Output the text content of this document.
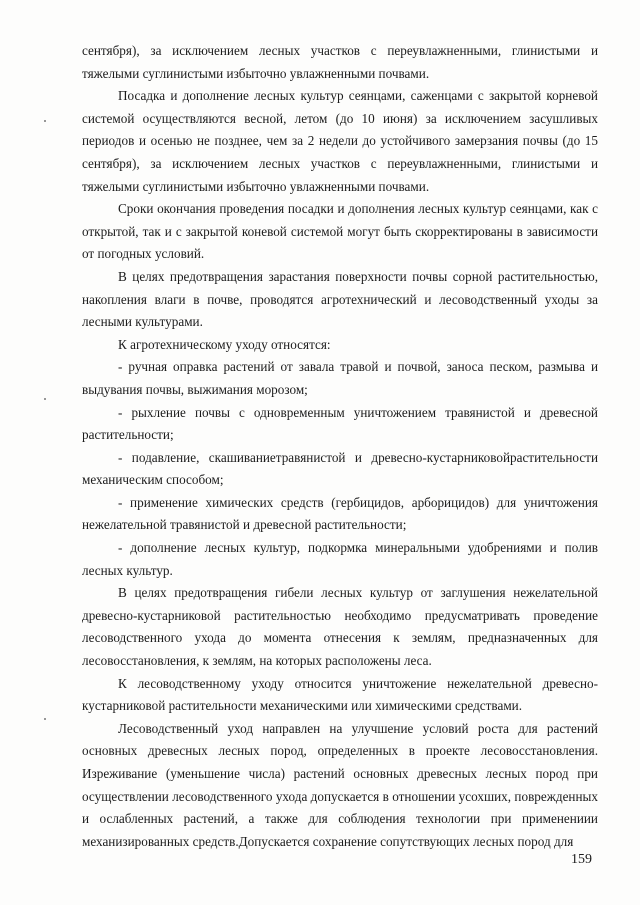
сентября), за исключением лесных участков с переувлажненными, глинистыми и тяжелыми суглинистыми избыточно увлажненными почвами.

Посадка и дополнение лесных культур сеянцами, саженцами с закрытой корневой системой осуществляются весной, летом (до 10 июня) за исключением засушливых периодов и осенью не позднее, чем за 2 недели до устойчивого замерзания почвы (до 15 сентября), за исключением лесных участков с переувлажненными, глинистыми и тяжелыми суглинистыми избыточно увлажненными почвами.

Сроки окончания проведения посадки и дополнения лесных культур сеянцами, как с открытой, так и с закрытой коневой системой могут быть скорректированы в зависимости от погодных условий.

В целях предотвращения зарастания поверхности почвы сорной растительностью, накопления влаги в почве, проводятся агротехнический и лесоводственный уходы за лесными культурами.

К агротехническому уходу относятся:

- ручная оправка растений от завала травой и почвой, заноса песком, размыва и выдувания почвы, выжимания морозом;

- рыхление почвы с одновременным уничтожением травянистой и древесной растительности;

- подавление, скашиваниетравянистой и древесно-кустарниковойрастительности механическим способом;

- применение химических средств (гербицидов, арборицидов) для уничтожения нежелательной травянистой и древесной растительности;

- дополнение лесных культур, подкормка минеральными удобрениями и полив лесных культур.

В целях предотвращения гибели лесных культур от заглушения нежелательной древесно-кустарниковой растительностью необходимо предусматривать проведение лесоводственного ухода до момента отнесения к землям, предназначенных для лесовосстановления, к землям, на которых расположены леса.

К лесоводственному уходу относится уничтожение нежелательной древесно-кустарниковой растительности механическими или химическими средствами.

Лесоводственный уход направлен на улучшение условий роста для растений основных древесных лесных пород, определенных в проекте лесовосстановления. Изреживание (уменьшение числа) растений основных древесных лесных пород при осуществлении лесоводственного ухода допускается в отношении усохших, поврежденных и ослабленных растений, а также для соблюдения технологии при применениии механизированных средств.Допускается сохранение сопутствующих лесных пород для

159
